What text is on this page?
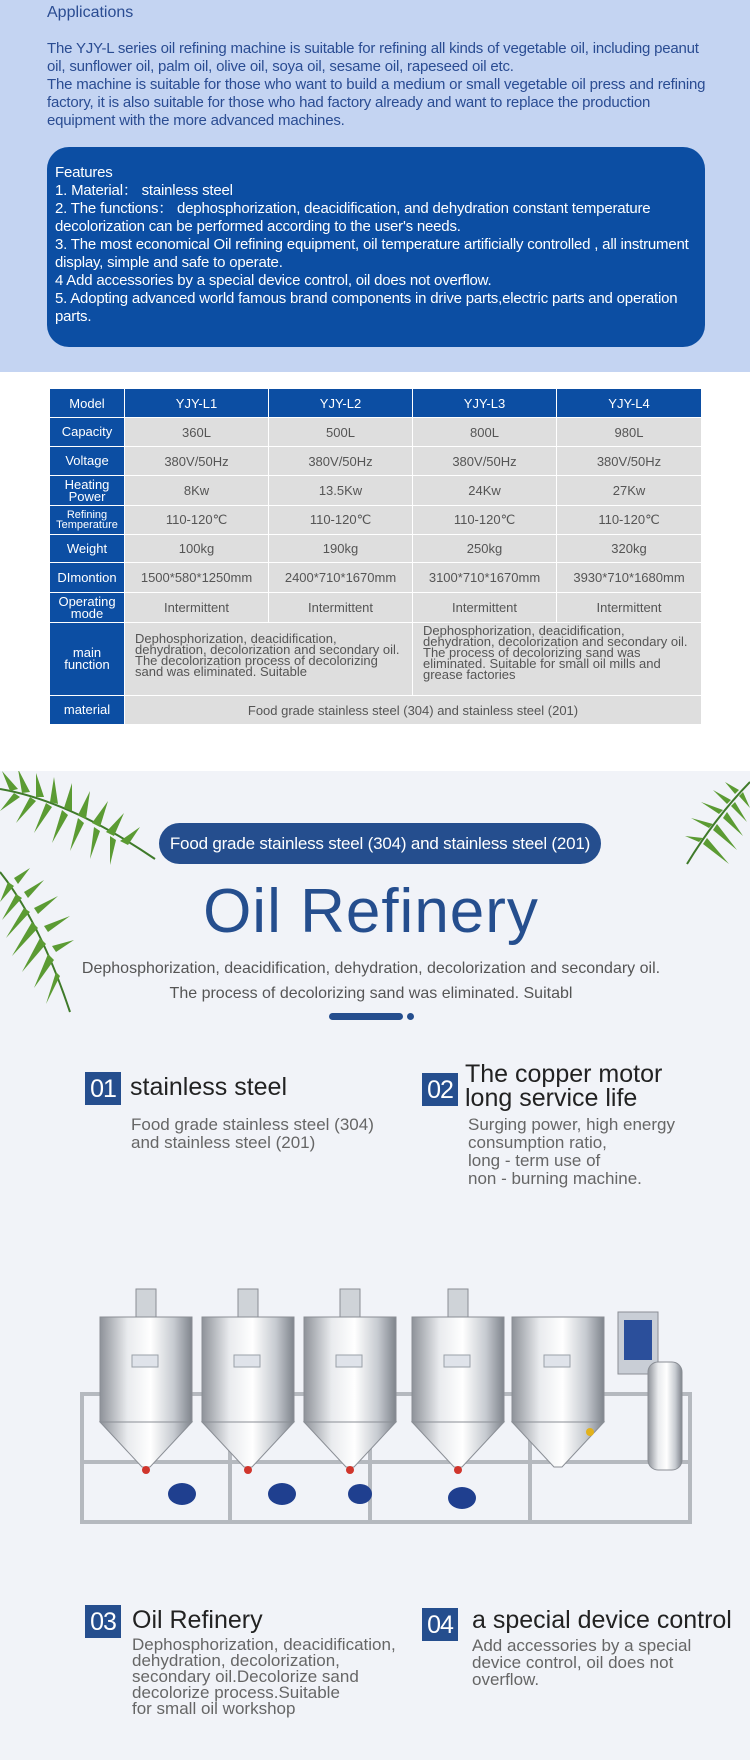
Applications

The YJY-L series oil refining machine is suitable for refining all kinds of vegetable oil, including peanut oil, sunflower oil, palm oil, olive oil, soya oil, sesame oil, rapeseed oil etc.

The machine is suitable for those who want to build a medium or small vegetable oil press and refining factory, it is also suitable for those who had factory already and want to replace the production equipment with the more advanced machines.

Features
1. Material： stainless steel
2. The functions： dephosphorization, deacidification, and dehydration constant temperature decolorization can be performed according to the user's needs.
3. The most economical Oil refining equipment, oil temperature artificially controlled , all instrument display, simple and safe to operate.
4 Add accessories by a special device control, oil does not overflow.
5. Adopting advanced world famous brand components in drive parts,electric parts and operation parts.
Model	YJY-L1	YJY-L2	YJY-L3	YJY-L4
Capacity	360L	500L	800L	980L
Voltage	380V/50Hz	380V/50Hz	380V/50Hz	380V/50Hz
Heating Power	8Kw	13.5Kw	24Kw	27Kw
Refining Temperature	110-120℃	110-120℃	110-120℃	110-120℃
Weight	100kg	190kg	250kg	320kg
DImontion	1500*580*1250mm	2400*710*1670mm	3100*710*1670mm	3930*710*1680mm
Operating mode	Intermittent	Intermittent	Intermittent	Intermittent
main function	Dephosphorization, deacidification, dehydration, decolorization and secondary oil. The decolorization process of decolorizing sand was eliminated. Suitable		Dephosphorization, deacidification, dehydration, decolorization and secondary oil. The process of decolorizing sand was eliminated. Suitable for small oil mills and grease factories	
material	Food grade stainless steel (304) and stainless steel (201)			
Food grade stainless steel (304) and stainless steel (201)
Oil Refinery
Dephosphorization, deacidification, dehydration, decolorization and secondary oil.
The process of decolorizing sand was eliminated. Suitabl
01 stainless steel
Food grade stainless steel (304)
and stainless steel (201)
02
The copper motor
long service life
Surging power, high energy
consumption ratio,
long - term use of
non - burning machine.
03 Oil Refinery
Dephosphorization, deacidification,
dehydration, decolorization,
secondary oil.Decolorize sand
decolorize process.Suitable
for small oil workshop
04 a special device control
Add accessories by a special
device control, oil does not
overflow.
